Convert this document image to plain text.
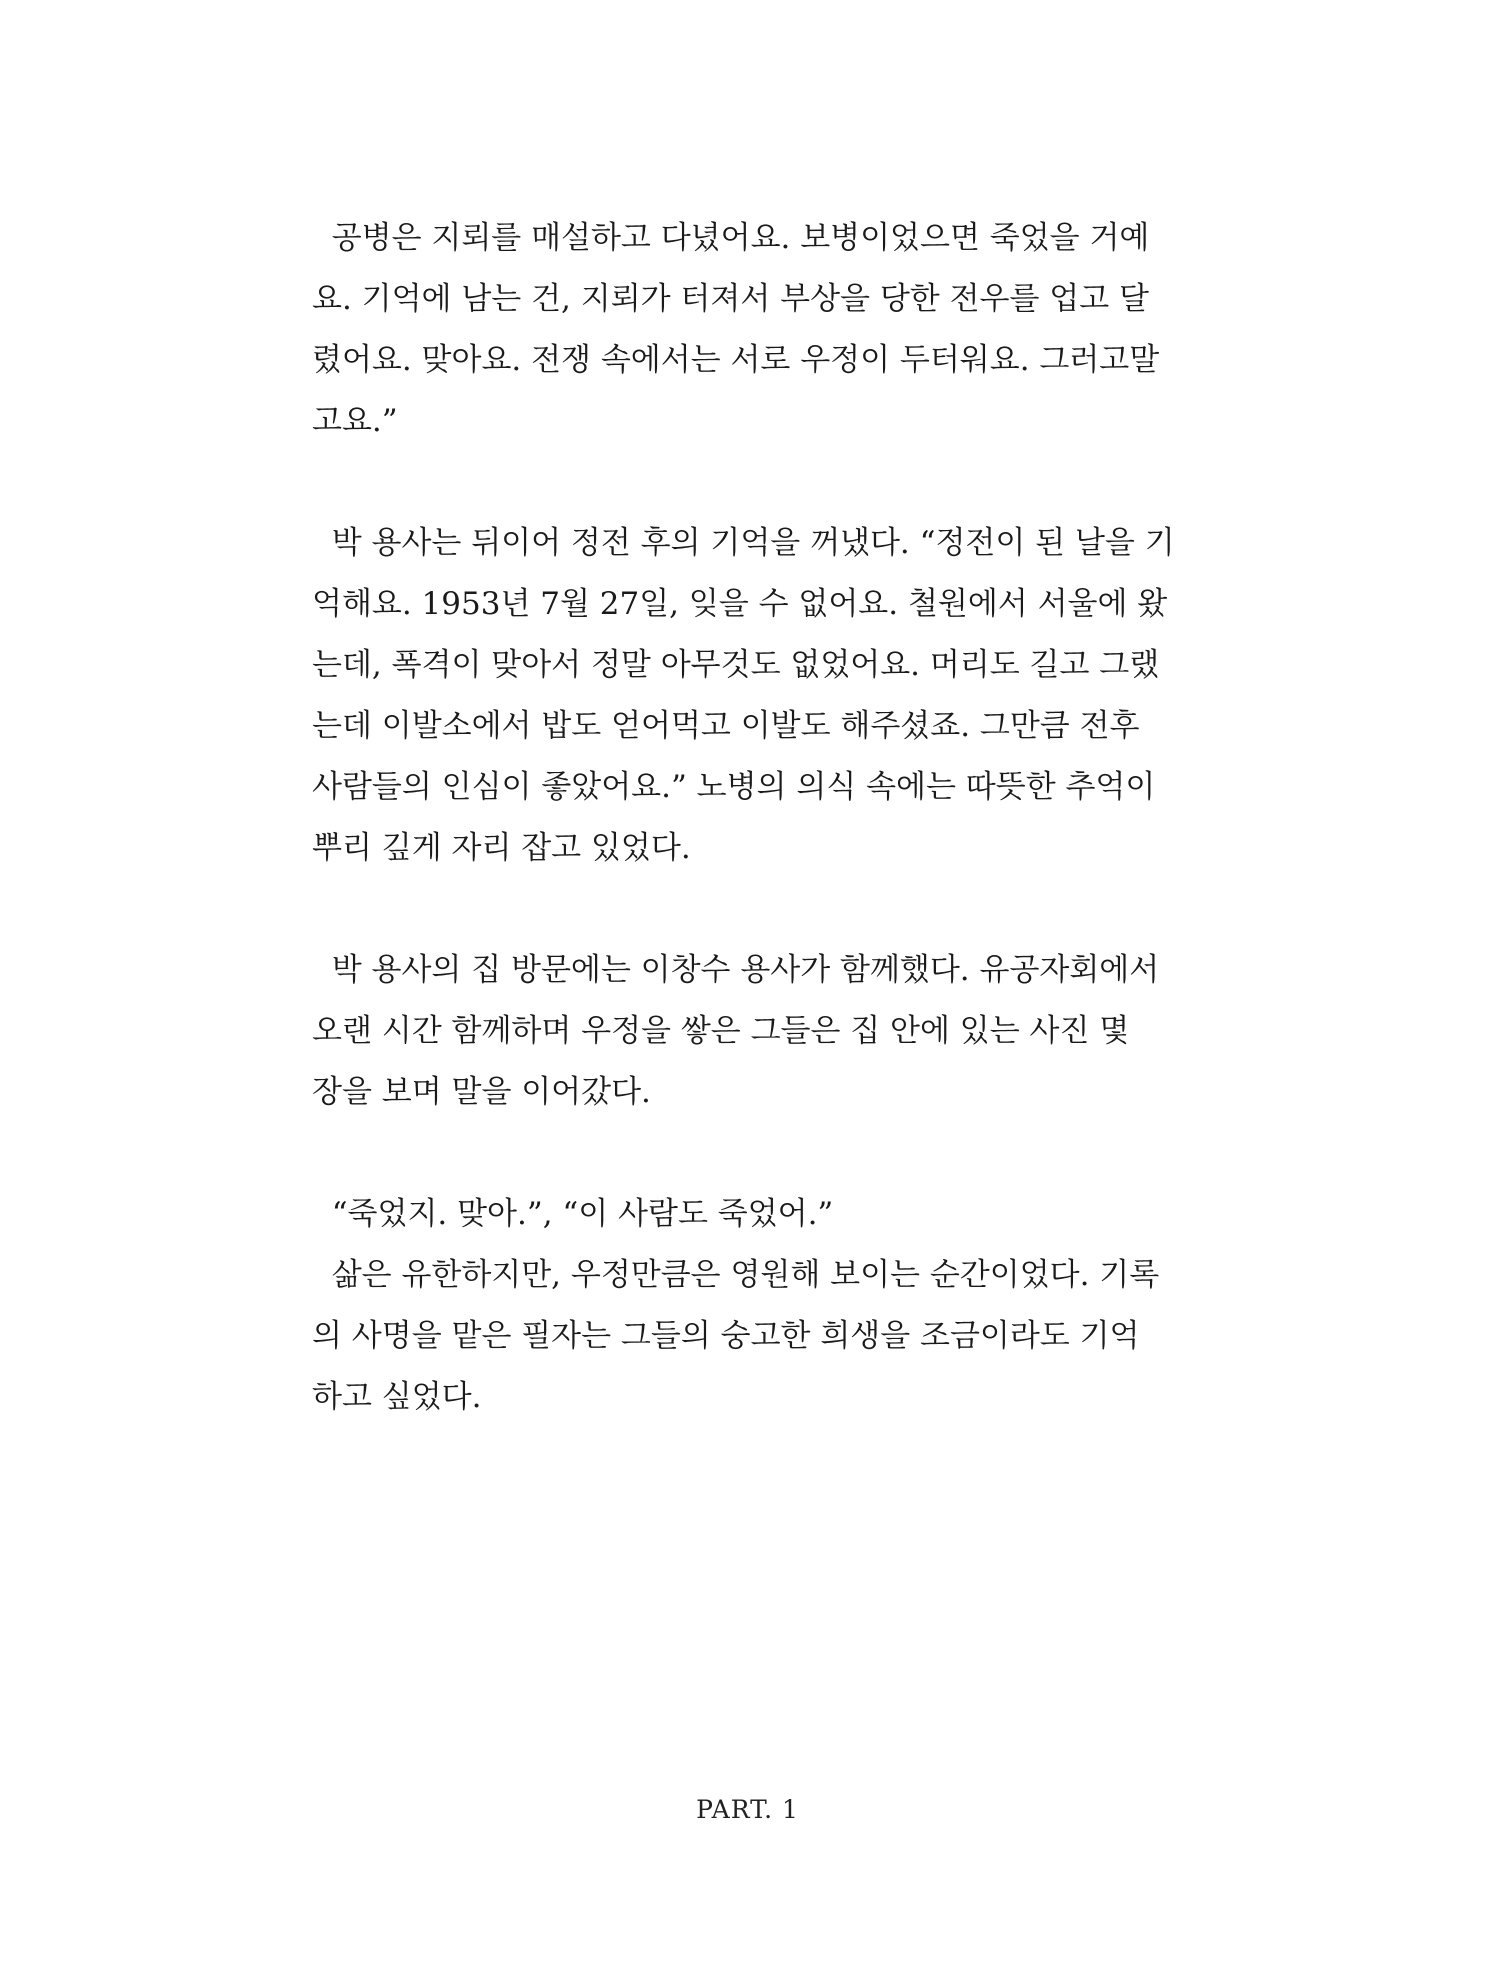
공병은 지뢰를 매설하고 다녔어요. 보병이었으면 죽었을 거예
요. 기억에 남는 건, 지뢰가 터져서 부상을 당한 전우를 업고 달
렸어요. 맞아요. 전쟁 속에서는 서로 우정이 두터워요. 그러고말
고요.”

박 용사는 뒤이어 정전 후의 기억을 꺼냈다. “정전이 된 날을 기
억해요. 1953년 7월 27일, 잊을 수 없어요. 철원에서 서울에 왔
는데, 폭격이 맞아서 정말 아무것도 없었어요. 머리도 길고 그랬
는데 이발소에서 밥도 얻어먹고 이발도 해주셨죠. 그만큼 전후
사람들의 인심이 좋았어요.” 노병의 의식 속에는 따뜻한 추억이
뿌리 깊게 자리 잡고 있었다.

박 용사의 집 방문에는 이창수 용사가 함께했다. 유공자회에서
오랜 시간 함께하며 우정을 쌓은 그들은 집 안에 있는 사진 몇
장을 보며 말을 이어갔다.

“죽었지. 맞아.”, “이 사람도 죽었어.”
삶은 유한하지만, 우정만큼은 영원해 보이는 순간이었다. 기록
의 사명을 맡은 필자는 그들의 숭고한 희생을 조금이라도 기억
하고 싶었다.

PART. 1
